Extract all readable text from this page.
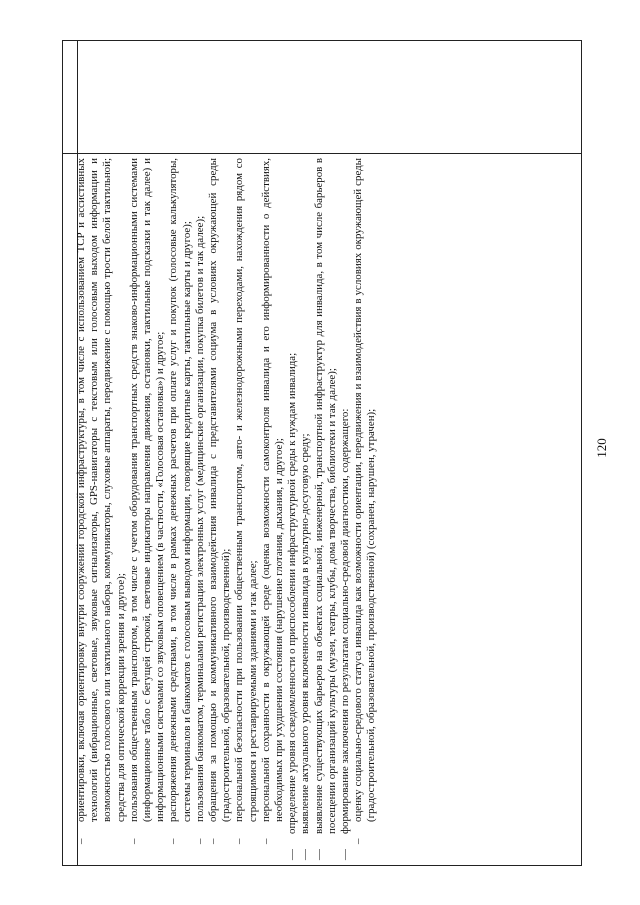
120
–
ориентировки, включая ориентировку внутри сооружений городской инфраструктуры, в том числе с использованием ТСР и ассистивных технологий (вибрационные, световые, звуковые сигнализаторы, GPS-навигаторы с текстовым или голосовым выходом информации и возможностью голосового или тактильного набора, коммуникаторы, слуховые аппараты, передвижение с помощью трости белой тактильной; средства для оптической коррекции зрения и другое);
–
пользования общественным транспортом, в том числе с учетом оборудования транспортных средств знаково-информационными системами (информационное табло с бегущей строкой, световые индикаторы направления движения, остановки, тактильные подсказки и так далее) и информационными системами со звуковым оповещением (в частности, «Голосовая остановка») и другое;
–
распоряжения денежными средствами, в том числе в рамках денежных расчетов при оплате услуг и покупок (голосовые калькуляторы, системы терминалов и банкоматов с голосовым выводом информации, говорящие кредитные карты, тактильные карты и другое);
–
пользования банкоматом, терминалами регистрации электронных услуг (медицинские организации, покупка билетов и так далее);
–
обращения за помощью и коммуникативного взаимодействия инвалида с представителями социума в условиях окружающей среды (градостроительной, образовательной, производственной);
–
персональной безопасности при пользовании общественным транспортом, авто- и железнодорожными переходами, нахождения рядом со строящимися и реставрируемыми зданиями и так далее;
–
персональной сохранности в окружающей среде (оценка возможности самоконтроля инвалида и его информированности о действиях, необходимых при ухудшении состояния (нарушение глотания, дыхания, и другое);
—
определение уровня осведомленности о приспособлении инфраструктурной среды к нуждам инвалида;
—
выявление актуального уровня включенности инвалида в культурно-досуговую среду;
—
выявление существующих барьеров на объектах социальной, инженерной, транспортной инфраструктур для инвалида, в том числе барьеров в посещении организаций культуры (музеи, театры, клубы, дома творчества, библиотеки и так далее);
—
формирование заключения по результатам социально-средовой диагностики, содержащего:
–
оценку социально-средового статуса инвалида как возможности ориентации, передвижения и взаимодействия в условиях окружающей среды (градостроительной, образовательной, производственной) (сохранен, нарушен, утрачен);
